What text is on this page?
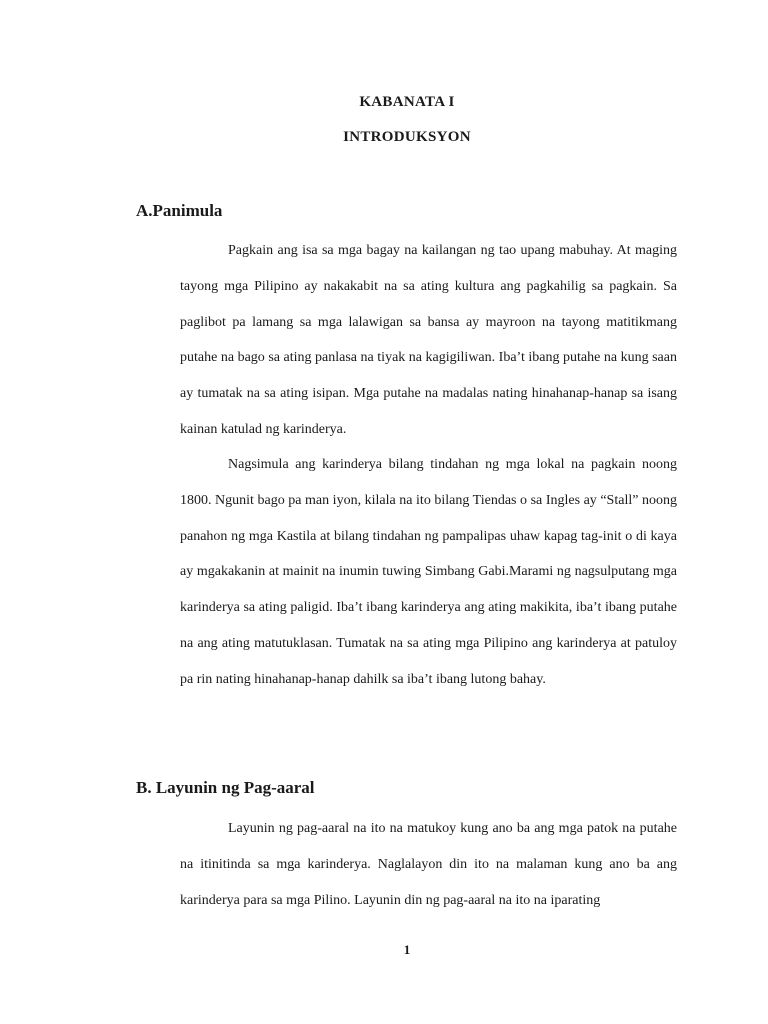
KABANATA I
INTRODUKSYON
A.Panimula

Pagkain ang isa sa mga bagay na kailangan ng tao upang mabuhay. At maging tayong mga Pilipino ay nakakabit na sa ating kultura ang pagkahilig sa pagkain. Sa paglibot pa lamang sa mga lalawigan sa bansa ay mayroon na tayong matitikmang putahe na bago sa ating panlasa na tiyak na kagigiliwan. Iba’t ibang putahe na kung saan ay tumatak na sa ating isipan. Mga putahe na madalas nating hinahanap-hanap sa isang kainan katulad ng karinderya.

Nagsimula ang karinderya bilang tindahan ng mga lokal na pagkain noong 1800. Ngunit bago pa man iyon, kilala na ito bilang Tiendas o sa Ingles ay “Stall” noong panahon ng mga Kastila at bilang tindahan ng pampalipas uhaw kapag tag-init o di kaya ay mgakakanin at mainit na inumin tuwing Simbang Gabi.Marami ng nagsulputang mga karinderya sa ating paligid. Iba’t ibang karinderya ang ating makikita, iba’t ibang putahe na ang ating matutuklasan. Tumatak na sa ating mga Pilipino ang karinderya at patuloy pa rin nating hinahanap-hanap dahilk sa iba’t ibang lutong bahay.

B. Layunin ng Pag-aaral

Layunin ng pag-aaral na ito na matukoy kung ano ba ang mga patok na putahe na itinitinda sa mga karinderya. Naglalayon din ito na malaman kung ano ba ang karinderya para sa mga Pilino. Layunin din ng pag-aaral na ito na iparating

1
